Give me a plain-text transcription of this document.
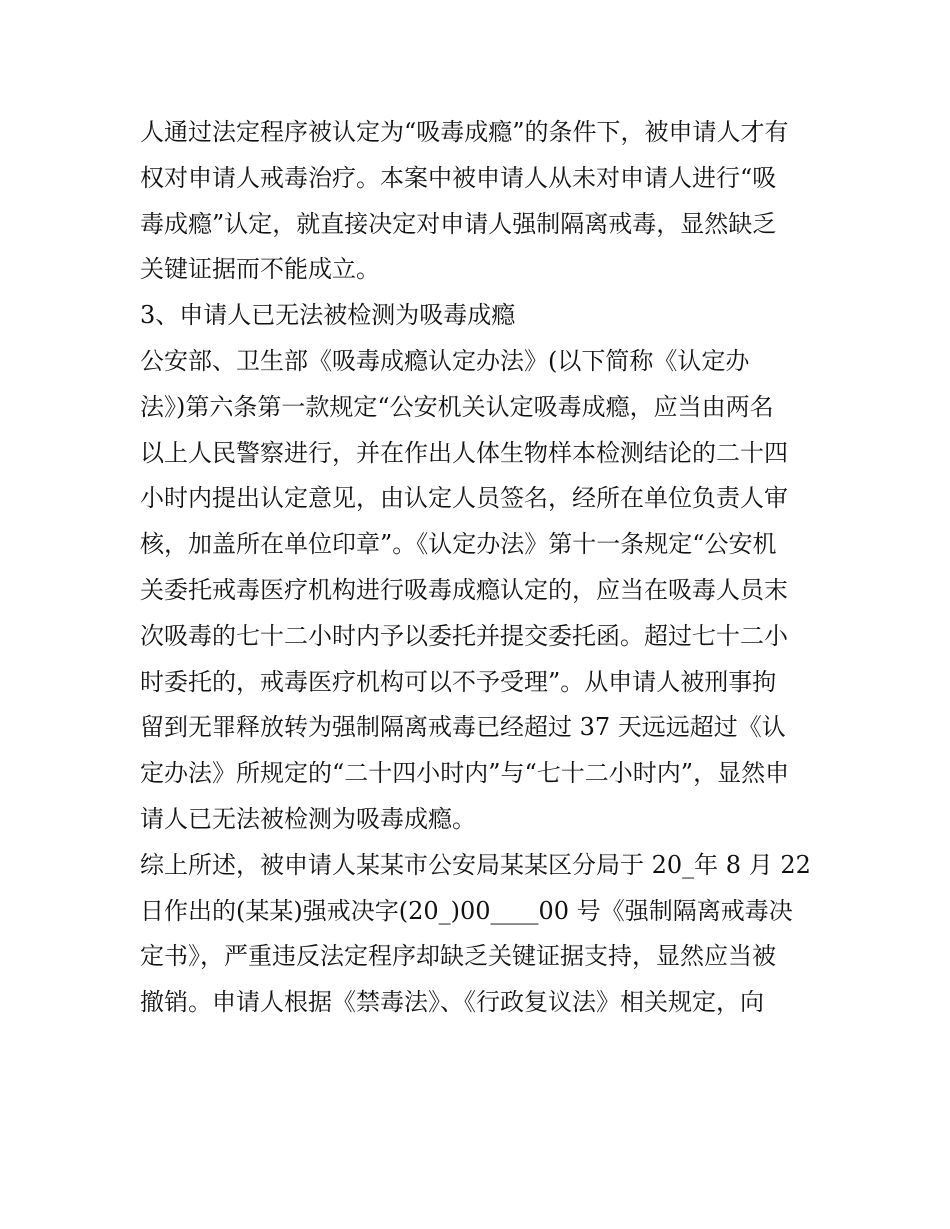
人通过法定程序被认定为“吸毒成瘾”的条件下，被申请人才有
权对申请人戒毒治疗。本案中被申请人从未对申请人进行“吸
毒成瘾”认定，就直接决定对申请人强制隔离戒毒，显然缺乏
关键证据而不能成立。
3、申请人已无法被检测为吸毒成瘾
公安部、卫生部《吸毒成瘾认定办法》(以下简称《认定办
法》)第六条第一款规定“公安机关认定吸毒成瘾，应当由两名
以上人民警察进行，并在作出人体生物样本检测结论的二十四
小时内提出认定意见，由认定人员签名，经所在单位负责人审
核，加盖所在单位印章”。《认定办法》第十一条规定“公安机
关委托戒毒医疗机构进行吸毒成瘾认定的，应当在吸毒人员末
次吸毒的七十二小时内予以委托并提交委托函。超过七十二小
时委托的，戒毒医疗机构可以不予受理”。从申请人被刑事拘
留到无罪释放转为强制隔离戒毒已经超过 37 天远远超过《认
定办法》所规定的“二十四小时内”与“七十二小时内”，显然申
请人已无法被检测为吸毒成瘾。
综上所述，被申请人某某市公安局某某区分局于 20_年 8 月 22
日作出的(某某)强戒决字(20_)00____00 号《强制隔离戒毒决
定书》，严重违反法定程序却缺乏关键证据支持，显然应当被
撤销。申请人根据《禁毒法》、《行政复议法》相关规定，向
